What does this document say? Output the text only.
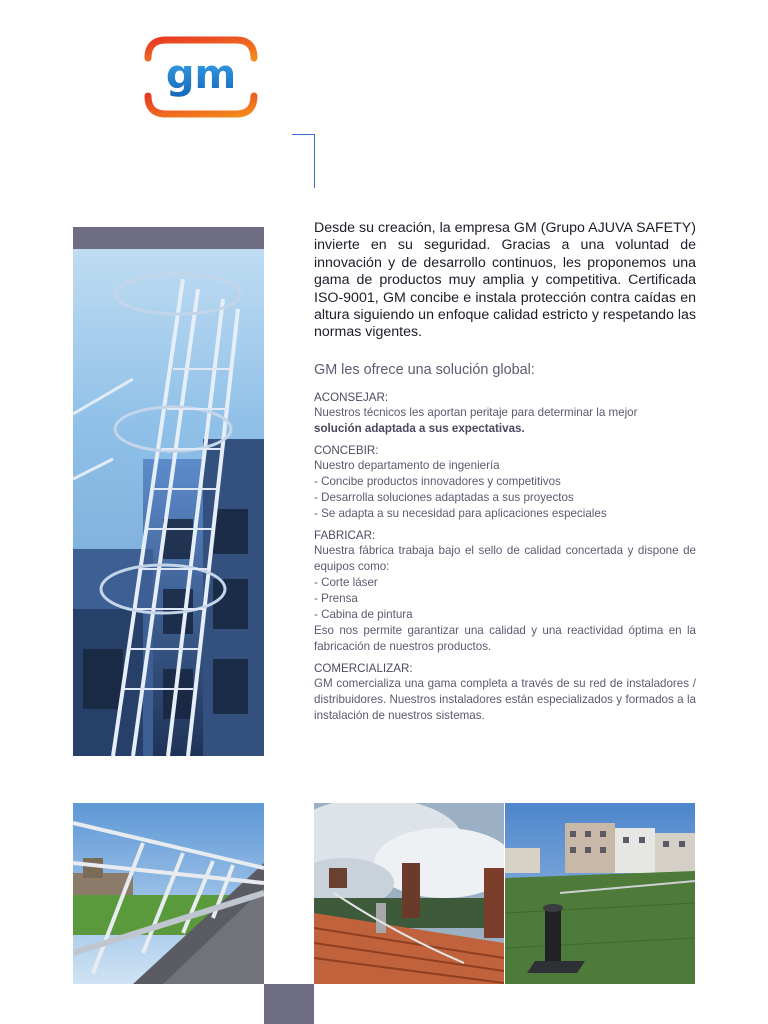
gm

Desde su creación, la empresa GM (Grupo AJUVA SAFETY) invierte en su seguridad. Gracias a una voluntad de innovación y de desarrollo continuos, les proponemos una gama de productos muy amplia y competitiva. Certificada ISO-9001, GM concibe e instala protección contra caídas en altura siguiendo un enfoque calidad estricto y respetando las normas vigentes.

GM les ofrece una solución global:
ACONSEJAR:
Nuestros técnicos les aportan peritaje para determinar la mejor
solución adaptada a sus expectativas.
CONCEBIR:
Nuestro departamento de ingeniería
- Concibe productos innovadores y competitivos
- Desarrolla soluciones adaptadas a sus proyectos
- Se adapta a su necesidad para aplicaciones especiales
FABRICAR:
Nuestra fábrica trabaja bajo el sello de calidad concertada y dispone de equipos como:
- Corte láser
- Prensa
- Cabina de pintura
Eso nos permite garantizar una calidad y una reactividad óptima en la fabricación de nuestros productos.
COMERCIALIZAR:
GM comercializa una gama completa a través de su red de instaladores / distribuidores. Nuestros instaladores están especializados y formados a la instalación de nuestros sistemas.
